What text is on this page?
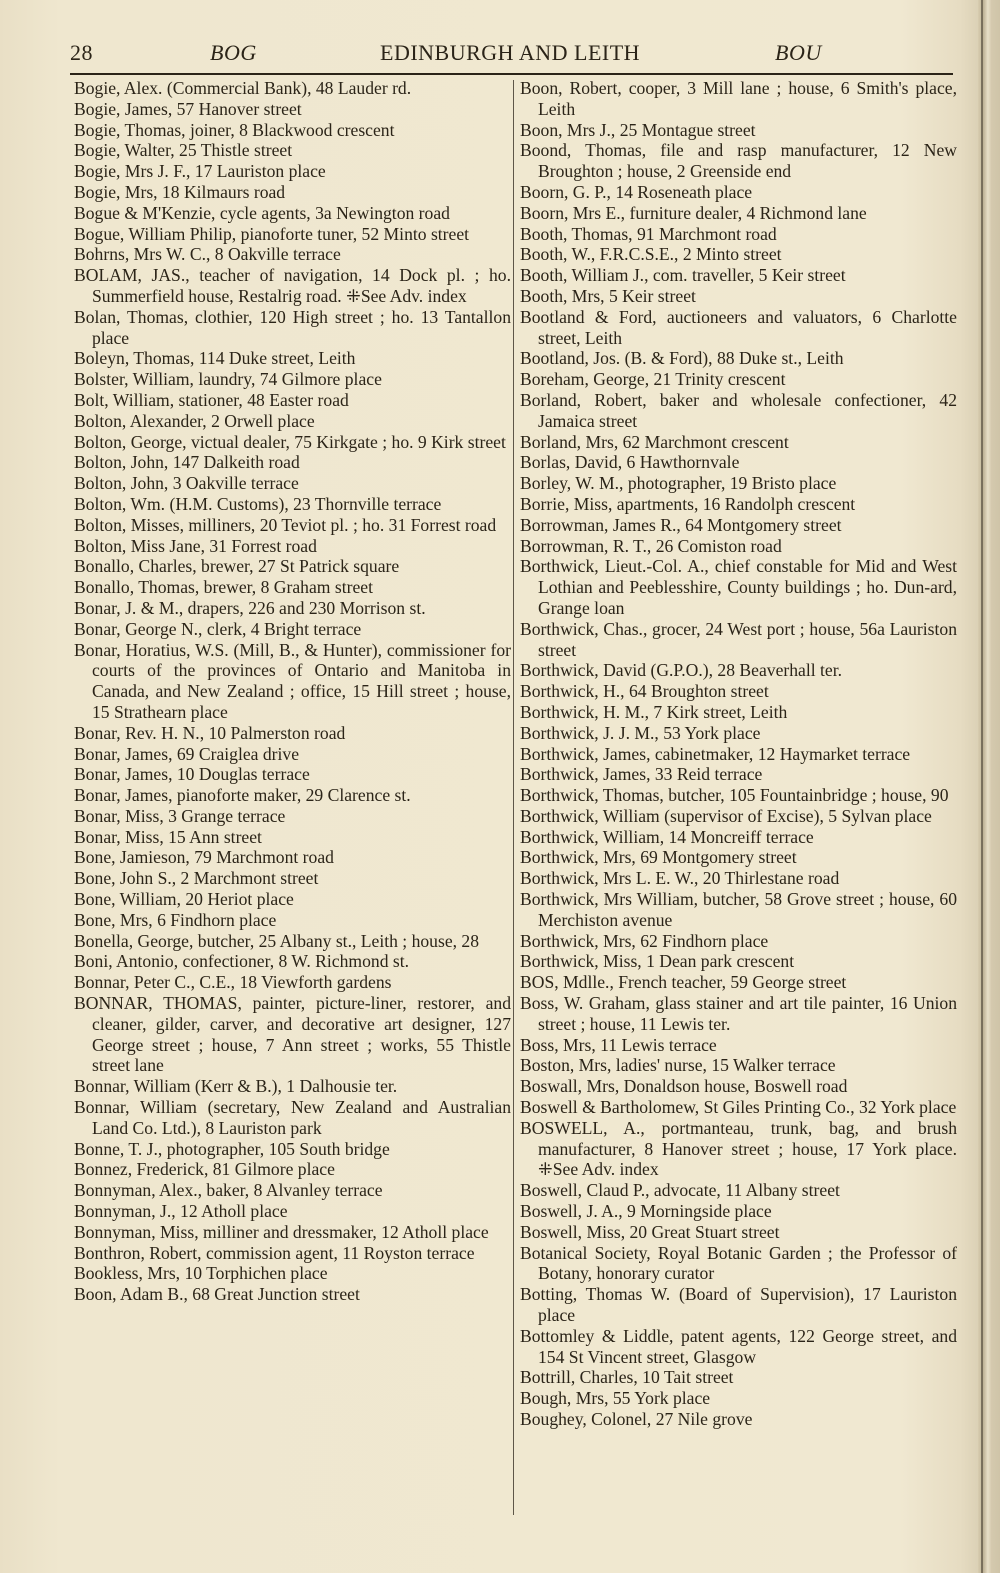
28	BOG	EDINBURGH AND LEITH	BOU
Bogie, Alex. (Commercial Bank), 48 Lauder rd.
Bogie, James, 57 Hanover street
Bogie, Thomas, joiner, 8 Blackwood crescent
Bogie, Walter, 25 Thistle street
Bogie, Mrs J. F., 17 Lauriston place
Bogie, Mrs, 18 Kilmaurs road
Bogue & M'Kenzie, cycle agents, 3a Newington road
Bogue, William Philip, pianoforte tuner, 52 Minto street
Bohrns, Mrs W. C., 8 Oakville terrace
BOLAM, JAS., teacher of navigation, 14 Dock pl. ; ho. Summerfield house, Restalrig road. ⁜See Adv. index
Bolan, Thomas, clothier, 120 High street ; ho. 13 Tantallon place
Boleyn, Thomas, 114 Duke street, Leith
Bolster, William, laundry, 74 Gilmore place
Bolt, William, stationer, 48 Easter road
Bolton, Alexander, 2 Orwell place
Bolton, George, victual dealer, 75 Kirkgate ; ho. 9 Kirk street
Bolton, John, 147 Dalkeith road
Bolton, John, 3 Oakville terrace
Bolton, Wm. (H.M. Customs), 23 Thornville terrace
Bolton, Misses, milliners, 20 Teviot pl. ; ho. 31 Forrest road
Bolton, Miss Jane, 31 Forrest road
Bonallo, Charles, brewer, 27 St Patrick square
Bonallo, Thomas, brewer, 8 Graham street
Bonar, J. & M., drapers, 226 and 230 Morrison st.
Bonar, George N., clerk, 4 Bright terrace
Bonar, Horatius, W.S. (Mill, B., & Hunter), commissioner for courts of the provinces of Ontario and Manitoba in Canada, and New Zealand ; office, 15 Hill street ; house, 15 Strathearn place
Bonar, Rev. H. N., 10 Palmerston road
Bonar, James, 69 Craiglea drive
Bonar, James, 10 Douglas terrace
Bonar, James, pianoforte maker, 29 Clarence st.
Bonar, Miss, 3 Grange terrace
Bonar, Miss, 15 Ann street
Bone, Jamieson, 79 Marchmont road
Bone, John S., 2 Marchmont street
Bone, William, 20 Heriot place
Bone, Mrs, 6 Findhorn place
Bonella, George, butcher, 25 Albany st., Leith ; house, 28
Boni, Antonio, confectioner, 8 W. Richmond st.
Bonnar, Peter C., C.E., 18 Viewforth gardens
BONNAR, THOMAS, painter, picture-liner, restorer, and cleaner, gilder, carver, and decorative art designer, 127 George street ; house, 7 Ann street ; works, 55 Thistle street lane
Bonnar, William (Kerr & B.), 1 Dalhousie ter.
Bonnar, William (secretary, New Zealand and Australian Land Co. Ltd.), 8 Lauriston park
Bonne, T. J., photographer, 105 South bridge
Bonnez, Frederick, 81 Gilmore place
Bonnyman, Alex., baker, 8 Alvanley terrace
Bonnyman, J., 12 Atholl place
Bonnyman, Miss, milliner and dressmaker, 12 Atholl place
Bonthron, Robert, commission agent, 11 Royston terrace
Bookless, Mrs, 10 Torphichen place
Boon, Adam B., 68 Great Junction street
Boon, Robert, cooper, 3 Mill lane ; house, 6 Smith's place, Leith
Boon, Mrs J., 25 Montague street
Boond, Thomas, file and rasp manufacturer, 12 New Broughton ; house, 2 Greenside end
Boorn, G. P., 14 Roseneath place
Boorn, Mrs E., furniture dealer, 4 Richmond lane
Booth, Thomas, 91 Marchmont road
Booth, W., F.R.C.S.E., 2 Minto street
Booth, William J., com. traveller, 5 Keir street
Booth, Mrs, 5 Keir street
Bootland & Ford, auctioneers and valuators, 6 Charlotte street, Leith
Bootland, Jos. (B. & Ford), 88 Duke st., Leith
Boreham, George, 21 Trinity crescent
Borland, Robert, baker and wholesale confectioner, 42 Jamaica street
Borland, Mrs, 62 Marchmont crescent
Borlas, David, 6 Hawthornvale
Borley, W. M., photographer, 19 Bristo place
Borrie, Miss, apartments, 16 Randolph crescent
Borrowman, James R., 64 Montgomery street
Borrowman, R. T., 26 Comiston road
Borthwick, Lieut.-Col. A., chief constable for Mid and West Lothian and Peeblesshire, County buildings ; ho. Dun-ard, Grange loan
Borthwick, Chas., grocer, 24 West port ; house, 56a Lauriston street
Borthwick, David (G.P.O.), 28 Beaverhall ter.
Borthwick, H., 64 Broughton street
Borthwick, H. M., 7 Kirk street, Leith
Borthwick, J. J. M., 53 York place
Borthwick, James, cabinetmaker, 12 Haymarket terrace
Borthwick, James, 33 Reid terrace
Borthwick, Thomas, butcher, 105 Fountainbridge ; house, 90
Borthwick, William (supervisor of Excise), 5 Sylvan place
Borthwick, William, 14 Moncreiff terrace
Borthwick, Mrs, 69 Montgomery street
Borthwick, Mrs L. E. W., 20 Thirlestane road
Borthwick, Mrs William, butcher, 58 Grove street ; house, 60 Merchiston avenue
Borthwick, Mrs, 62 Findhorn place
Borthwick, Miss, 1 Dean park crescent
BOS, Mdlle., French teacher, 59 George street
Boss, W. Graham, glass stainer and art tile painter, 16 Union street ; house, 11 Lewis ter.
Boss, Mrs, 11 Lewis terrace
Boston, Mrs, ladies' nurse, 15 Walker terrace
Boswall, Mrs, Donaldson house, Boswell road
Boswell & Bartholomew, St Giles Printing Co., 32 York place
BOSWELL, A., portmanteau, trunk, bag, and brush manufacturer, 8 Hanover street ; house, 17 York place. ⁜See Adv. index
Boswell, Claud P., advocate, 11 Albany street
Boswell, J. A., 9 Morningside place
Boswell, Miss, 20 Great Stuart street
Botanical Society, Royal Botanic Garden ; the Professor of Botany, honorary curator
Botting, Thomas W. (Board of Supervision), 17 Lauriston place
Bottomley & Liddle, patent agents, 122 George street, and 154 St Vincent street, Glasgow
Bottrill, Charles, 10 Tait street
Bough, Mrs, 55 York place
Boughey, Colonel, 27 Nile grove
